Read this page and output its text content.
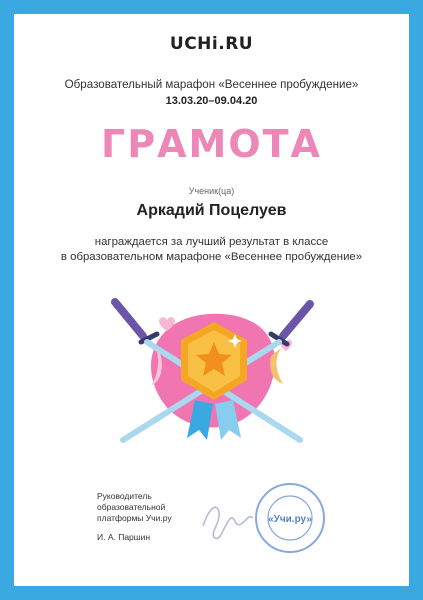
UCHi.RU
Образовательный марафон «Весеннее пробуждение»
13.03.20–09.04.20
ГРАМОТА
Ученик(ца)
Аркадий Поцелуев
награждается за лучший результат в классе
в образовательном марафоне «Весеннее пробуждение»
Руководитель
образовательной
платформы Учи.ру
И. А. Паршин
«Учи.ру»
